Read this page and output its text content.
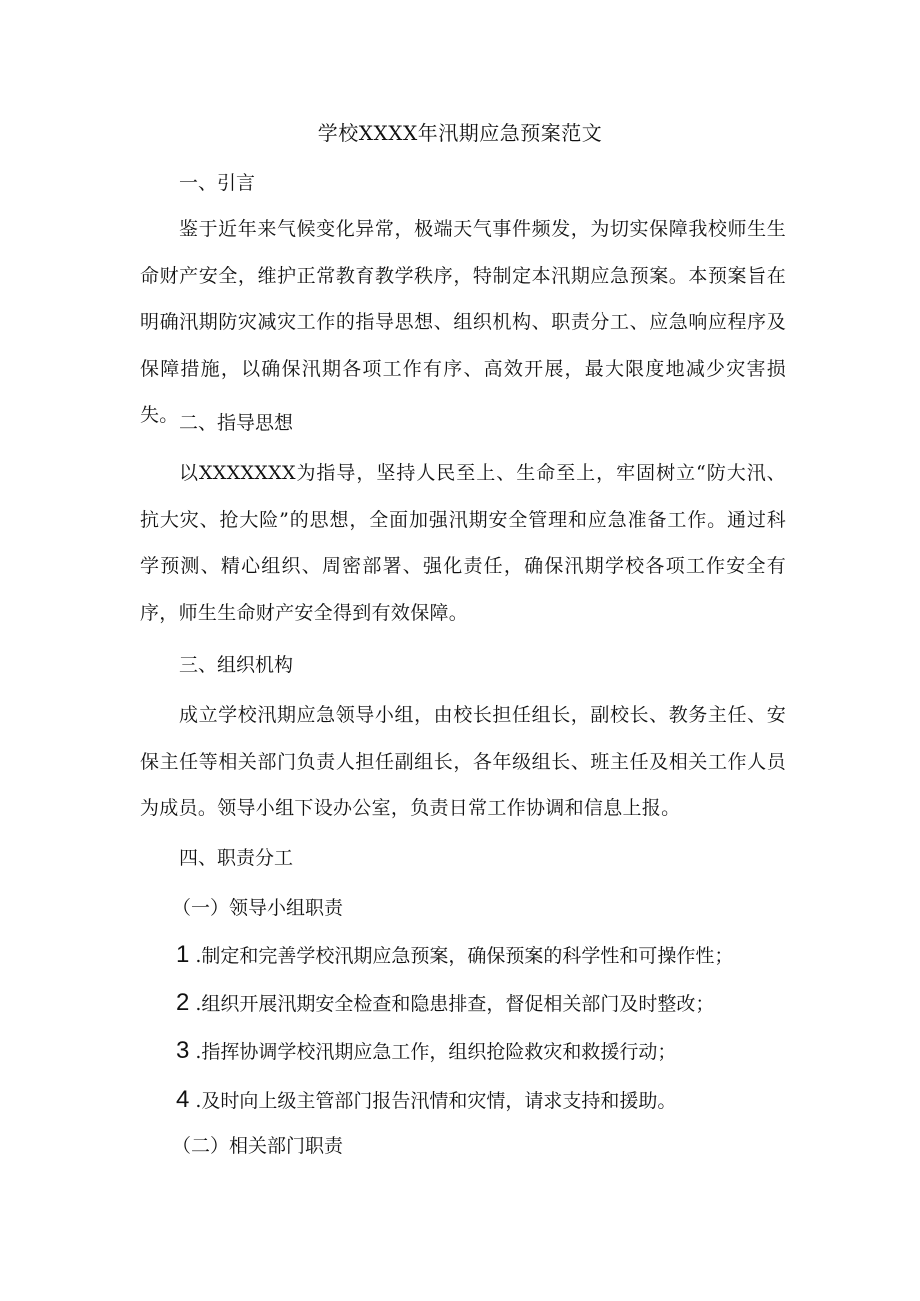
学校XXXX年汛期应急预案范文
一、引言
鉴于近年来气候变化异常，极端天气事件频发，为切实保障我校师生生命财产安全，维护正常教育教学秩序，特制定本汛期应急预案。本预案旨在明确汛期防灾减灾工作的指导思想、组织机构、职责分工、应急响应程序及保障措施，以确保汛期各项工作有序、高效开展，最大限度地减少灾害损失。 二、指导思想
以XXXXXXX为指导，坚持人民至上、生命至上，牢固树立“防大汛、抗大灾、抢大险”的思想，全面加强汛期安全管理和应急准备工作。通过科学预测、精心组织、周密部署、强化责任，确保汛期学校各项工作安全有序，师生生命财产安全得到有效保障。
三、组织机构
成立学校汛期应急领导小组，由校长担任组长，副校长、教务主任、安保主任等相关部门负责人担任副组长，各年级组长、班主任及相关工作人员为成员。领导小组下设办公室，负责日常工作协调和信息上报。
四、职责分工
（一）领导小组职责
1 .制定和完善学校汛期应急预案，确保预案的科学性和可操作性；
2 .组织开展汛期安全检查和隐患排查，督促相关部门及时整改；
3 .指挥协调学校汛期应急工作，组织抢险救灾和救援行动；
4 .及时向上级主管部门报告汛情和灾情，请求支持和援助。
（二）相关部门职责
